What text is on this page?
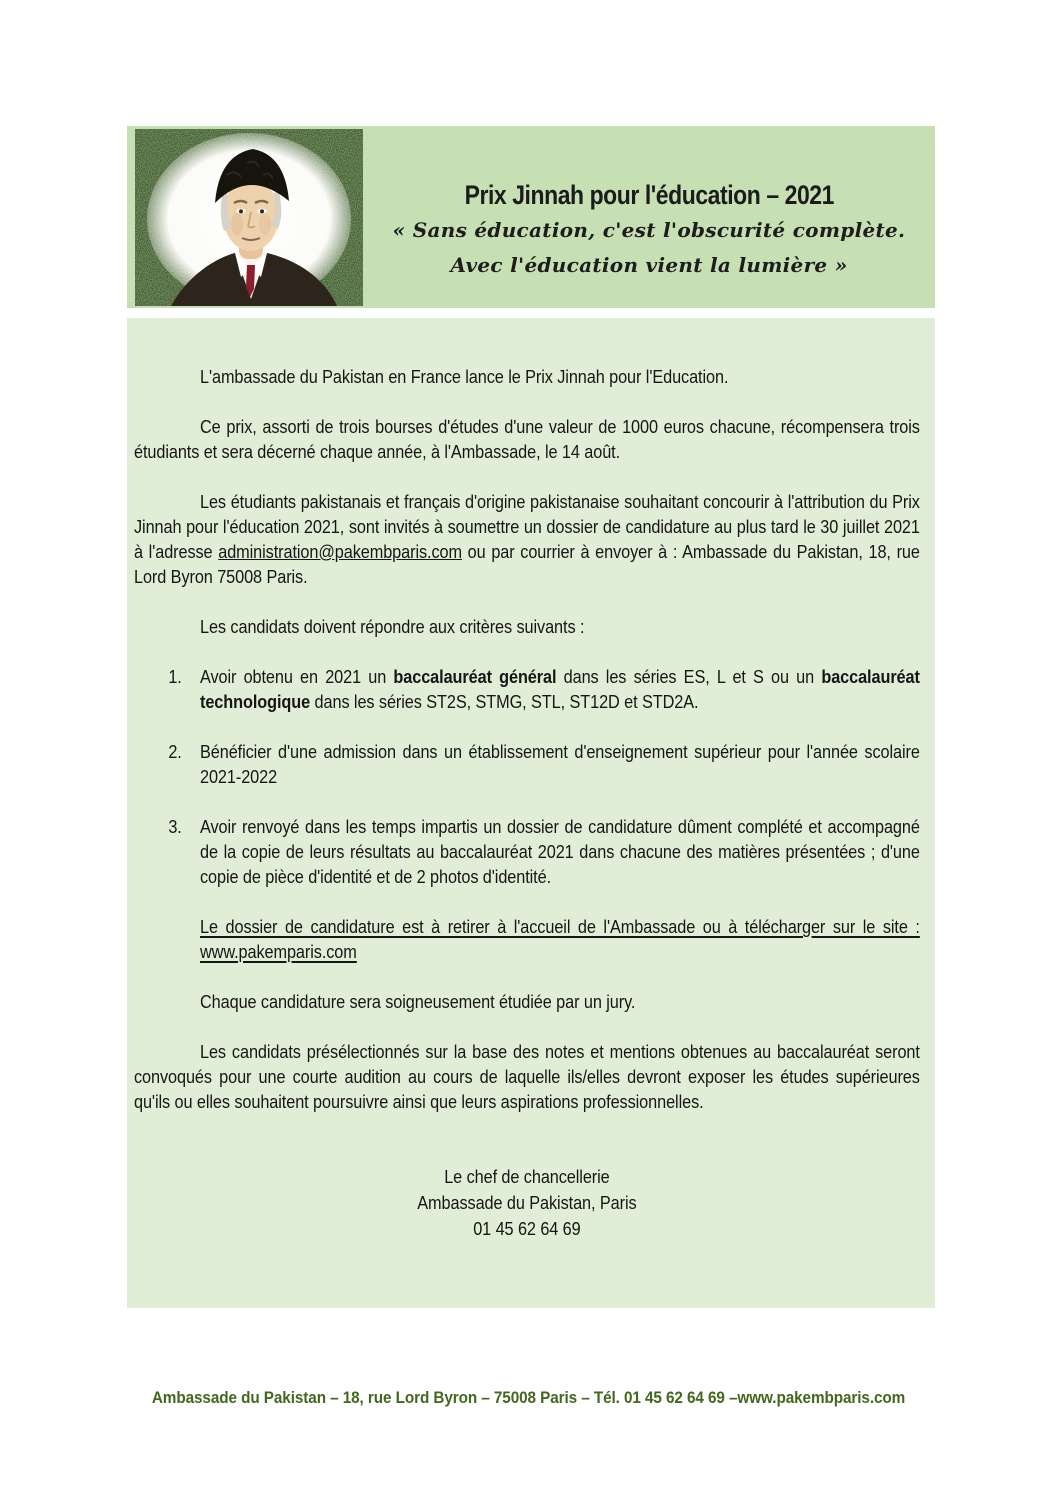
Prix Jinnah pour l'éducation – 2021
« Sans éducation, c'est l'obscurité complète.
Avec l'éducation vient la lumière »

L'ambassade du Pakistan en France lance le Prix Jinnah pour l'Education.

Ce prix, assorti de trois bourses d'études d'une valeur de 1000 euros chacune, récompensera trois étudiants et sera décerné chaque année, à l'Ambassade, le 14 août.

Les étudiants pakistanais et français d'origine pakistanaise souhaitant concourir à l'attribution du Prix Jinnah pour l'éducation 2021, sont invités à soumettre un dossier de candidature au plus tard le 30 juillet 2021 à l'adresse administration@pakembparis.com ou par courrier à envoyer à : Ambassade du Pakistan, 18, rue Lord Byron 75008 Paris.

Les candidats doivent répondre aux critères suivants :

1. Avoir obtenu en 2021 un baccalauréat général dans les séries ES, L et S ou un baccalauréat technologique dans les séries ST2S, STMG, STL, ST12D et STD2A.
2. Bénéficier d'une admission dans un établissement d'enseignement supérieur pour l'année scolaire 2021-2022
3. Avoir renvoyé dans les temps impartis un dossier de candidature dûment complété et accompagné de la copie de leurs résultats au baccalauréat 2021 dans chacune des matières présentées ; d'une copie de pièce d'identité et de 2 photos d'identité.
Le dossier de candidature est à retirer à l'accueil de l'Ambassade ou à télécharger sur le site : www.pakemparis.com

Chaque candidature sera soigneusement étudiée par un jury.

Les candidats présélectionnés sur la base des notes et mentions obtenues au baccalauréat seront convoqués pour une courte audition au cours de laquelle ils/elles devront exposer les études supérieures qu'ils ou elles souhaitent poursuivre ainsi que leurs aspirations professionnelles.

Le chef de chancellerie
Ambassade du Pakistan, Paris
01 45 62 64 69
Ambassade du Pakistan – 18, rue Lord Byron – 75008 Paris – Tél. 01 45 62 64 69 –www.pakembparis.com
